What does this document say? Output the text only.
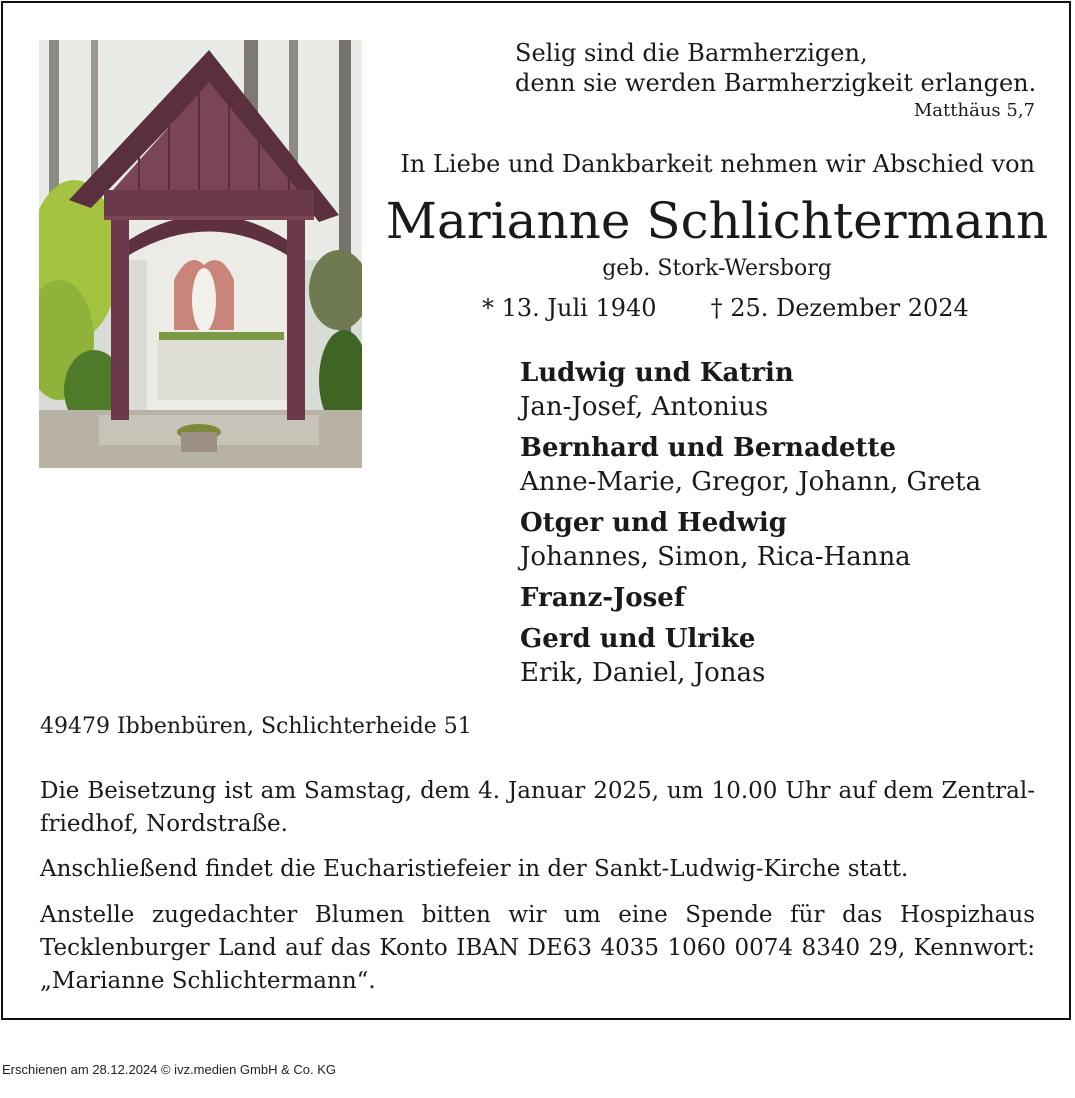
Selig sind die Barmherzigen,
denn sie werden Barmherzigkeit erlangen.
Matthäus 5,7
In Liebe und Dankbarkeit nehmen wir Abschied von
Marianne Schlichtermann
geb. Stork-Wersborg
* 13. Juli 1940 † 25. Dezember 2024
Ludwig und Katrin
Jan-Josef, Antonius
Bernhard und Bernadette
Anne-Marie, Gregor, Johann, Greta
Otger und Hedwig
Johannes, Simon, Rica-Hanna
Franz-Josef
Gerd und Ulrike
Erik, Daniel, Jonas
49479 Ibbenbüren, Schlichterheide 51
Die Beisetzung ist am Samstag, dem 4. Januar 2025, um 10.00 Uhr auf dem Zentralfriedhof, Nordstraße.
Anschließend findet die Eucharistiefeier in der Sankt-Ludwig-Kirche statt.
Anstelle zugedachter Blumen bitten wir um eine Spende für das Hospizhaus Tecklenburger Land auf das Konto IBAN DE63 4035 1060 0074 8340 29, Kennwort: „Marianne Schlichtermann“.
Erschienen am 28.12.2024 © ivz.medien GmbH & Co. KG
